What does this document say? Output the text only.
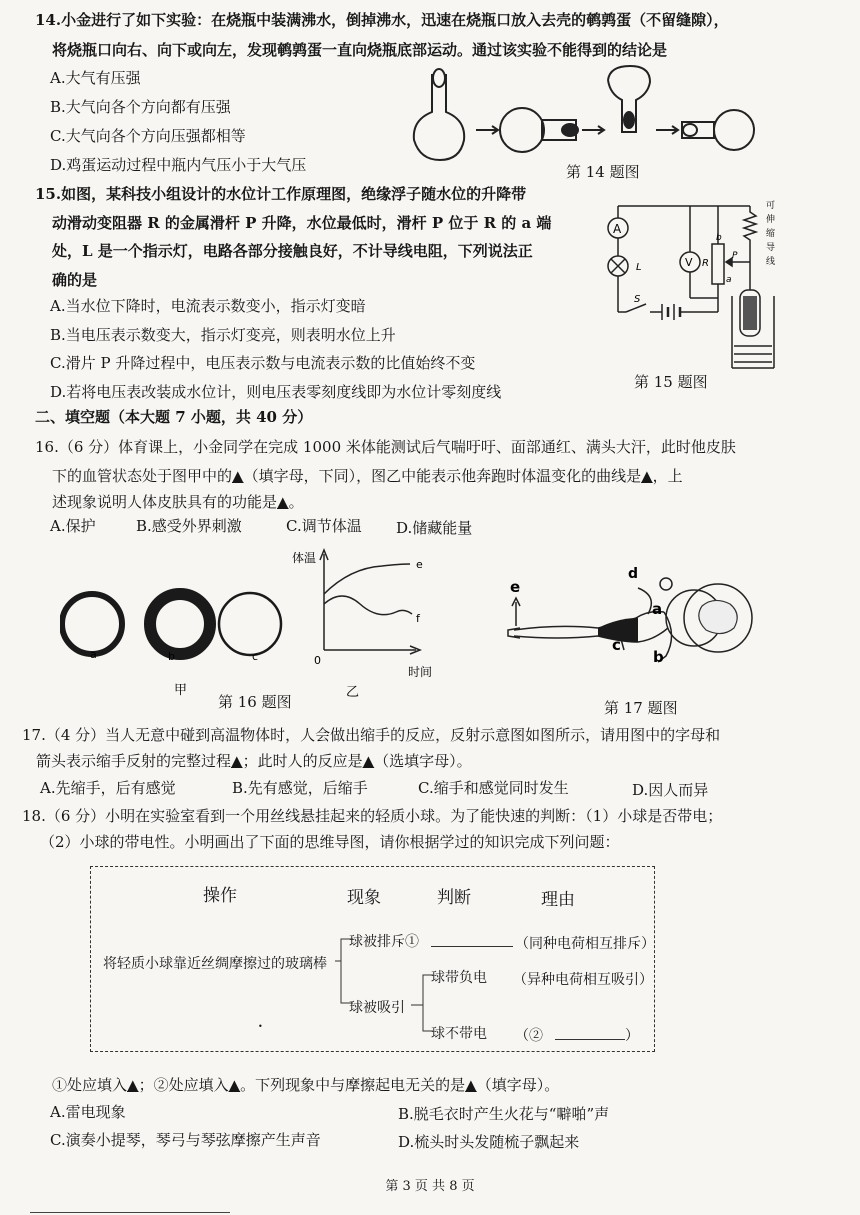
14.小金进行了如下实验：在烧瓶中装满沸水，倒掉沸水，迅速在烧瓶口放入去壳的鹌鹑蛋（不留缝隙），
将烧瓶口向右、向下或向左，发现鹌鹑蛋一直向烧瓶底部运动。通过该实验不能得到的结论是
A.大气有压强
B.大气向各个方向都有压强
C.大气向各个方向压强都相等
D.鸡蛋运动过程中瓶内气压小于大气压	第 14 题图
15.如图，某科技小组设计的水位计工作原理图，绝缘浮子随水位的升降带
动滑动变阻器 R 的金属滑杆 P 升降，水位最低时，滑杆 P 位于 R 的 a 端
处，L 是一个指示灯，电路各部分接触良好，不计导线电阻，下列说法正
确的是
A.当水位下降时，电流表示数变小，指示灯变暗
B.当电压表示数变大，指示灯变亮，则表明水位上升
C.滑片 P 升降过程中，电压表示数与电流表示数的比值始终不变
D.若将电压表改装成水位计，则电压表零刻度线即为水位计零刻度线
A
L	V R
b
a
P
S
可
伸
缩
导
线
第 15 题图
二、填空题（本大题 7 小题，共 40 分）
16.（6 分）体育课上，小金同学在完成 1000 米体能测试后气喘吁吁、面部通红、满头大汗，此时他皮肤
下的血管状态处于图甲中的▲（填字母，下同），图乙中能表示他奔跑时体温变化的曲线是▲，上
述现象说明人体皮肤具有的功能是▲。
A.保护	B.感受外界刺激	C.调节体温 D.储藏能量
a	b	c
甲
体温
0
时间
e
f
乙
第 16 题图
e
d
a
c
b
第 17 题图
17.（4 分）当人无意中碰到高温物体时，人会做出缩手的反应，反射示意图如图所示，请用图中的字母和
箭头表示缩手反射的完整过程▲；此时人的反应是▲（选填字母）。
A.先缩手，后有感觉	B.先有感觉，后缩手	C.缩手和感觉同时发生	D.因人而异
18.（6 分）小明在实验室看到一个用丝线悬挂起来的轻质小球。为了能快速的判断：（1）小球是否带电；
（2）小球的带电性。小明画出了下面的思维导图，请你根据学过的知识完成下列问题：
操作	现象	判断	理由
将轻质小球靠近丝绸摩擦过的玻璃棒
球被排斥①	（同种电荷相互排斥）
球被吸引
球带负电 （异种电荷相互吸引）
球不带电 （②	）
•
①处应填入▲；②处应填入▲。下列现象中与摩擦起电无关的是▲（填字母）。
A.雷电现象	B.脱毛衣时产生火花与“噼啪”声
C.演奏小提琴，琴弓与琴弦摩擦产生声音	D.梳头时头发随梳子飘起来
第 3 页 共 8 页
